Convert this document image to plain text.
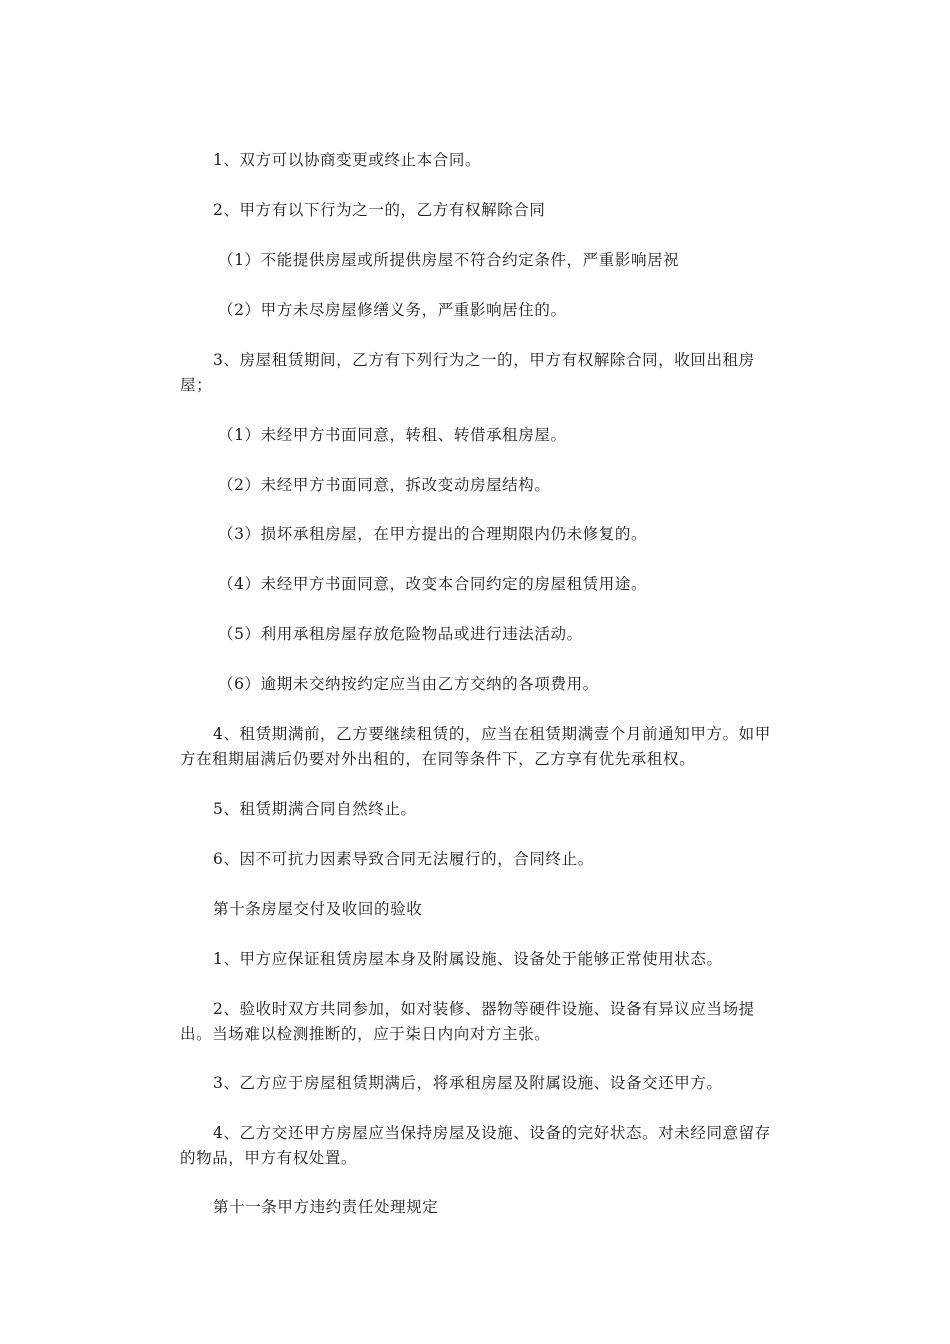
1、双方可以协商变更或终止本合同。

2、甲方有以下行为之一的，乙方有权解除合同

（1）不能提供房屋或所提供房屋不符合约定条件，严重影响居祝

（2）甲方未尽房屋修缮义务，严重影响居住的。

3、房屋租赁期间，乙方有下列行为之一的，甲方有权解除合同，收回出租房屋；

（1）未经甲方书面同意，转租、转借承租房屋。

（2）未经甲方书面同意，拆改变动房屋结构。

（3）损坏承租房屋，在甲方提出的合理期限内仍未修复的。

（4）未经甲方书面同意，改变本合同约定的房屋租赁用途。

（5）利用承租房屋存放危险物品或进行违法活动。

（6）逾期未交纳按约定应当由乙方交纳的各项费用。

4、租赁期满前，乙方要继续租赁的，应当在租赁期满壹个月前通知甲方。如甲方在租期届满后仍要对外出租的，在同等条件下，乙方享有优先承租权。

5、租赁期满合同自然终止。

6、因不可抗力因素导致合同无法履行的，合同终止。

第十条房屋交付及收回的验收

1、甲方应保证租赁房屋本身及附属设施、设备处于能够正常使用状态。

2、验收时双方共同参加，如对装修、器物等硬件设施、设备有异议应当场提出。当场难以检测推断的，应于柒日内向对方主张。

3、乙方应于房屋租赁期满后，将承租房屋及附属设施、设备交还甲方。

4、乙方交还甲方房屋应当保持房屋及设施、设备的完好状态。对未经同意留存的物品，甲方有权处置。

第十一条甲方违约责任处理规定
